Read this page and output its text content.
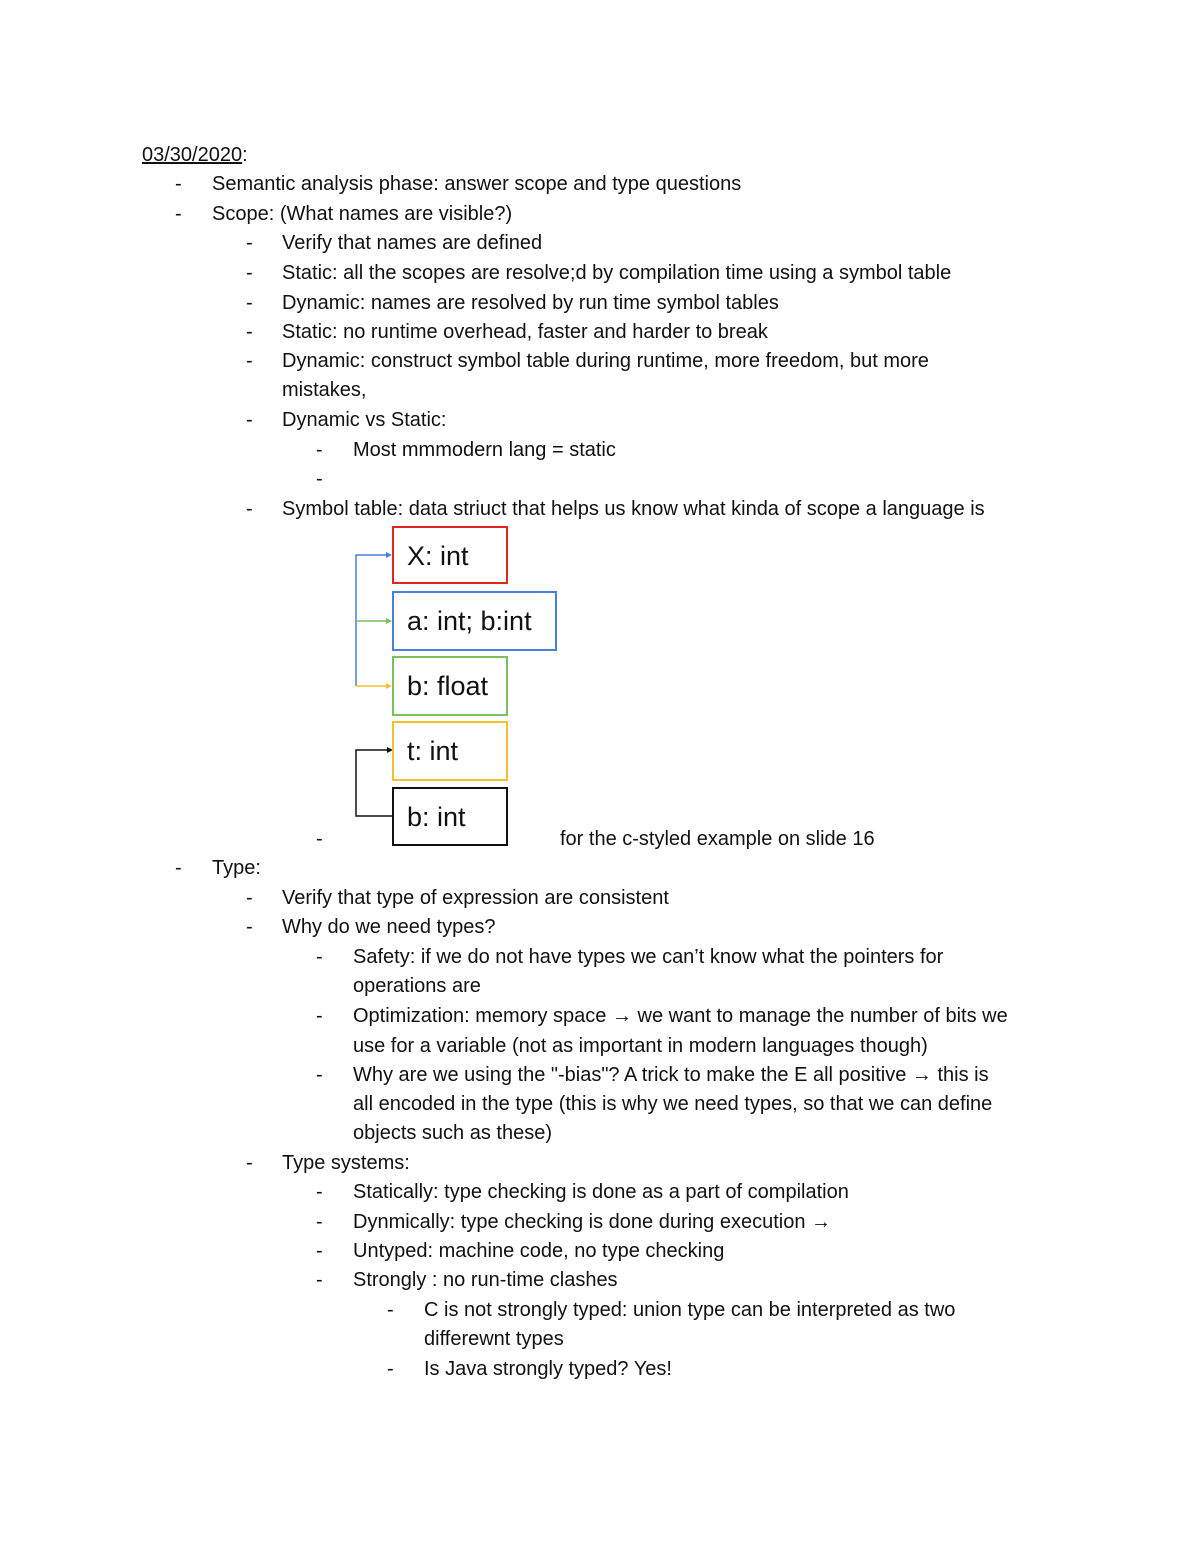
03/30/2020:
- Semantic analysis phase: answer scope and type questions
- Scope: (What names are visible?)
- Verify that names are defined
- Static: all the scopes are resolve;d by compilation time using a symbol table
- Dynamic: names are resolved by run time symbol tables
- Static: no runtime overhead, faster and harder to break
- Dynamic: construct symbol table during runtime, more freedom, but more
mistakes,
- Dynamic vs Static:
- Most mmmodern lang = static
-
- Symbol table: data striuct that helps us know what kinda of scope a language is
X: int
a: int; b:int
b: float
t: int
b: int
-	for the c-styled example on slide 16
- Type:
- Verify that type of expression are consistent
- Why do we need types?
- Safety: if we do not have types we can’t know what the pointers for
operations are
- Optimization: memory space → we want to manage the number of bits we
use for a variable (not as important in modern languages though)
- Why are we using the "-bias"? A trick to make the E all positive → this is
all encoded in the type (this is why we need types, so that we can define
objects such as these)
- Type systems:
- Statically: type checking is done as a part of compilation
- Dynmically: type checking is done during execution →
- Untyped: machine code, no type checking
- Strongly : no run-time clashes
- C is not strongly typed: union type can be interpreted as two
differewnt types
- Is Java strongly typed? Yes!
